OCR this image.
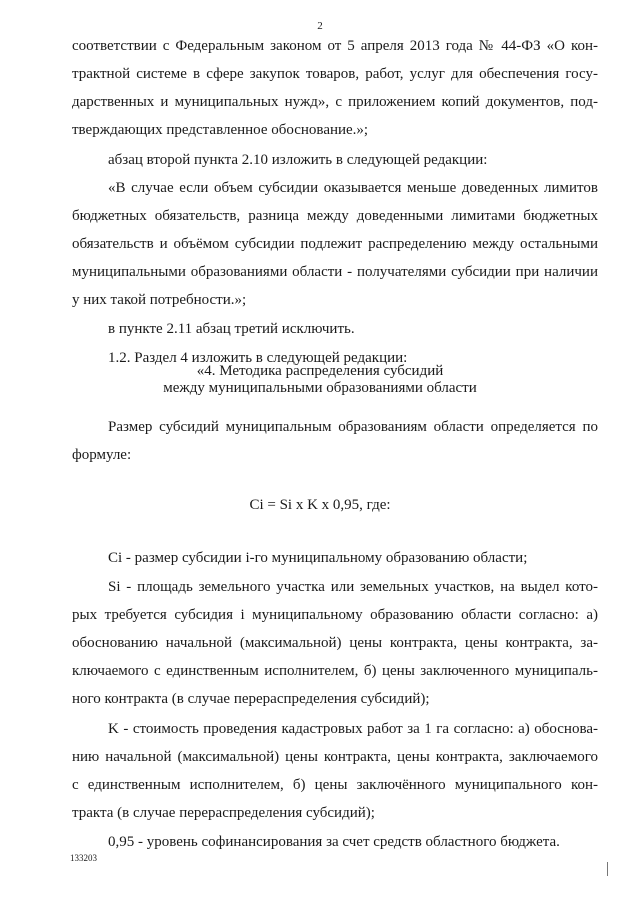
2
соответствии с Федеральным законом от 5 апреля 2013 года № 44-ФЗ «О кон-
трактной системе в сфере закупок товаров, работ, услуг для обеспечения госу-
дарственных и муниципальных нужд», с приложением копий документов, под-
тверждающих представленное обоснование.»;
абзац второй пункта 2.10 изложить в следующей редакции:
«В случае если объем субсидии оказывается меньше доведенных лимитов
бюджетных обязательств, разница между доведенными лимитами бюджетных
обязательств и объёмом субсидии подлежит распределению между остальными
муниципальными образованиями области - получателями субсидии при наличии
у них такой потребности.»;
в пункте 2.11 абзац третий исключить.
1.2. Раздел 4 изложить в следующей редакции:
«4. Методика распределения субсидий
между муниципальными образованиями области
Размер субсидий муниципальным образованиям области определяется по
формуле:
Ci = Si x K x 0,95, где:
Ci - размер субсидии i-го муниципальному образованию области;
Si - площадь земельного участка или земельных участков, на выдел кото-
рых требуется субсидия i муниципальному образованию области согласно: а)
обоснованию начальной (максимальной) цены контракта, цены контракта, за-
ключаемого с единственным исполнителем, б) цены заключенного муниципаль-
ного контракта (в случае перераспределения субсидий);
K - стоимость проведения кадастровых работ за 1 га согласно: а) обоснова-
нию начальной (максимальной) цены контракта, цены контракта, заключаемого
с единственным исполнителем, б) цены заключённого муниципального кон-
тракта (в случае перераспределения субсидий);
0,95 - уровень софинансирования за счет средств областного бюджета.
133203
